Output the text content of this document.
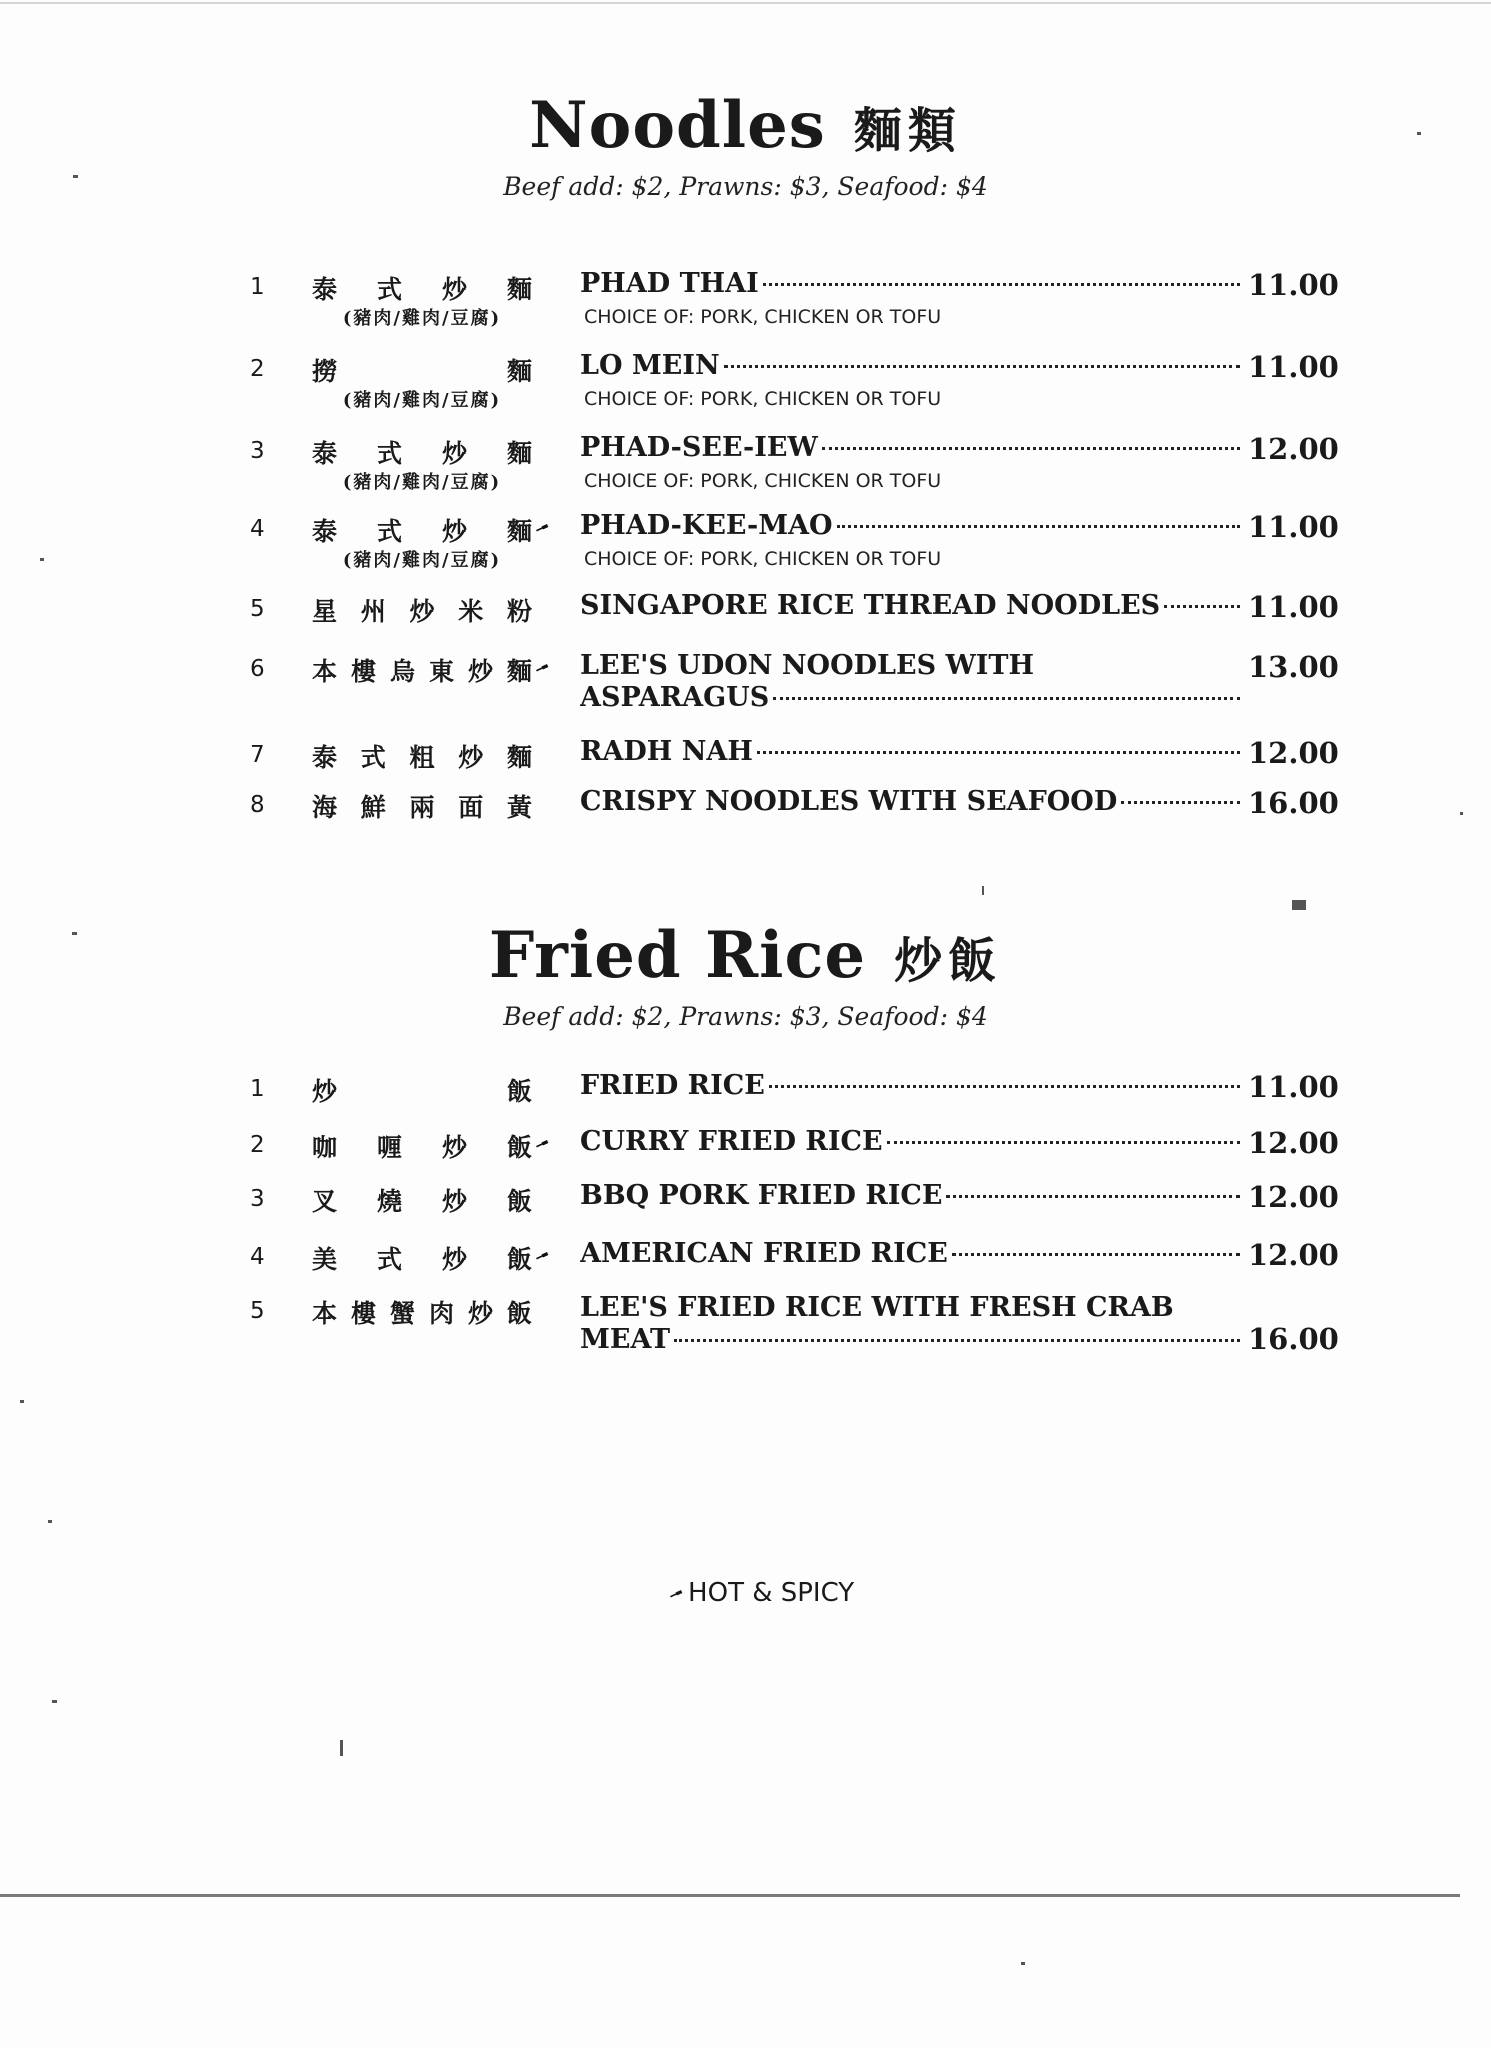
Noodles 麵類
Beef add: $2, Prawns: $3, Seafood: $4
1 泰 式 炒 麵
(豬肉/雞肉/豆腐)
PHAD THAI	11.00
CHOICE OF: PORK, CHICKEN OR TOFU
2 撈	麵
(豬肉/雞肉/豆腐)
LO MEIN	11.00
CHOICE OF: PORK, CHICKEN OR TOFU
3 泰 式 炒 麵
(豬肉/雞肉/豆腐)
PHAD-SEE-IEW	12.00
CHOICE OF: PORK, CHICKEN OR TOFU
4 泰 式 炒 麵
(豬肉/雞肉/豆腐)
╼ PHAD-KEE-MAO	11.00
CHOICE OF: PORK, CHICKEN OR TOFU
5 星 州 炒 米 粉 SINGAPORE RICE THREAD NOODLES	11.00
6 本 樓 烏 東 炒 麵 ╼ LEE'S UDON NOODLES WITH
ASPARAGUS
13.00
7 泰 式 粗 炒 麵 RADH NAH	12.00
8 海 鮮 兩 面 黃 CRISPY NOODLES WITH SEAFOOD	16.00
Fried Rice 炒飯
Beef add: $2, Prawns: $3, Seafood: $4
1 炒	飯 FRIED RICE	11.00
2 咖 喱 炒 飯 ╼ CURRY FRIED RICE	12.00
3 叉 燒 炒 飯 BBQ PORK FRIED RICE	12.00
4 美 式 炒 飯 ╼ AMERICAN FRIED RICE	12.00
5 本 樓 蟹 肉 炒 飯 LEE'S FRIED RICE WITH FRESH CRAB
MEAT	16.00
╼HOT & SPICY
